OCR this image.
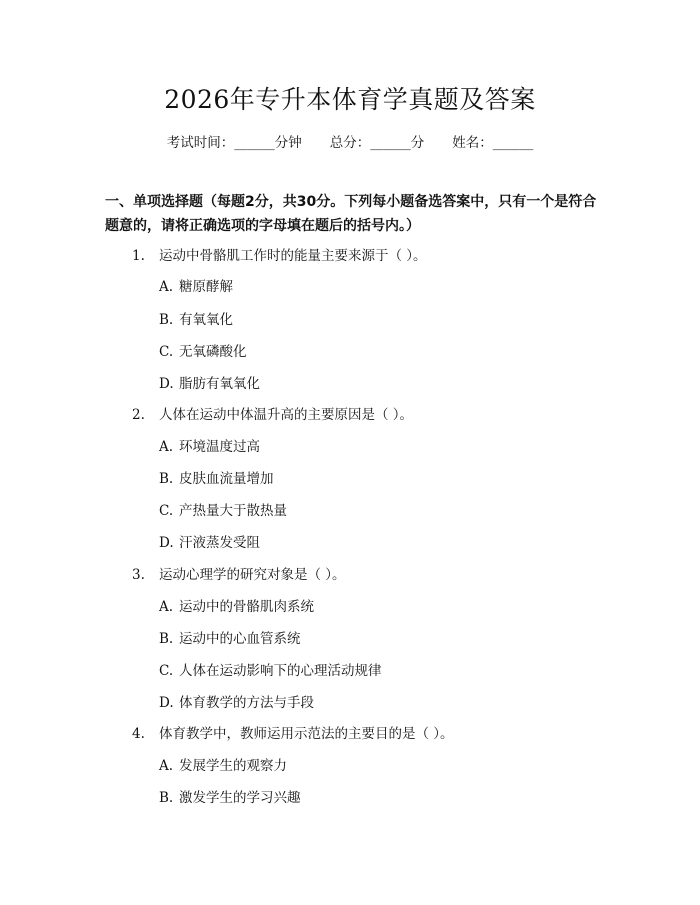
2026年专升本体育学真题及答案
考试时间：______分钟 总分：______分 姓名：______
一、单项选择题（每题2分，共30分。下列每小题备选答案中，只有一个是符合题意的，请将正确选项的字母填在题后的括号内。）
1. 运动中骨骼肌工作时的能量主要来源于（ ）。
A. 糖原酵解
B. 有氧氧化
C. 无氧磷酸化
D. 脂肪有氧氧化
2. 人体在运动中体温升高的主要原因是（ ）。
A. 环境温度过高
B. 皮肤血流量增加
C. 产热量大于散热量
D. 汗液蒸发受阻
3. 运动心理学的研究对象是（ ）。
A. 运动中的骨骼肌肉系统
B. 运动中的心血管系统
C. 人体在运动影响下的心理活动规律
D. 体育教学的方法与手段
4. 体育教学中，教师运用示范法的主要目的是（ ）。
A. 发展学生的观察力
B. 激发学生的学习兴趣
